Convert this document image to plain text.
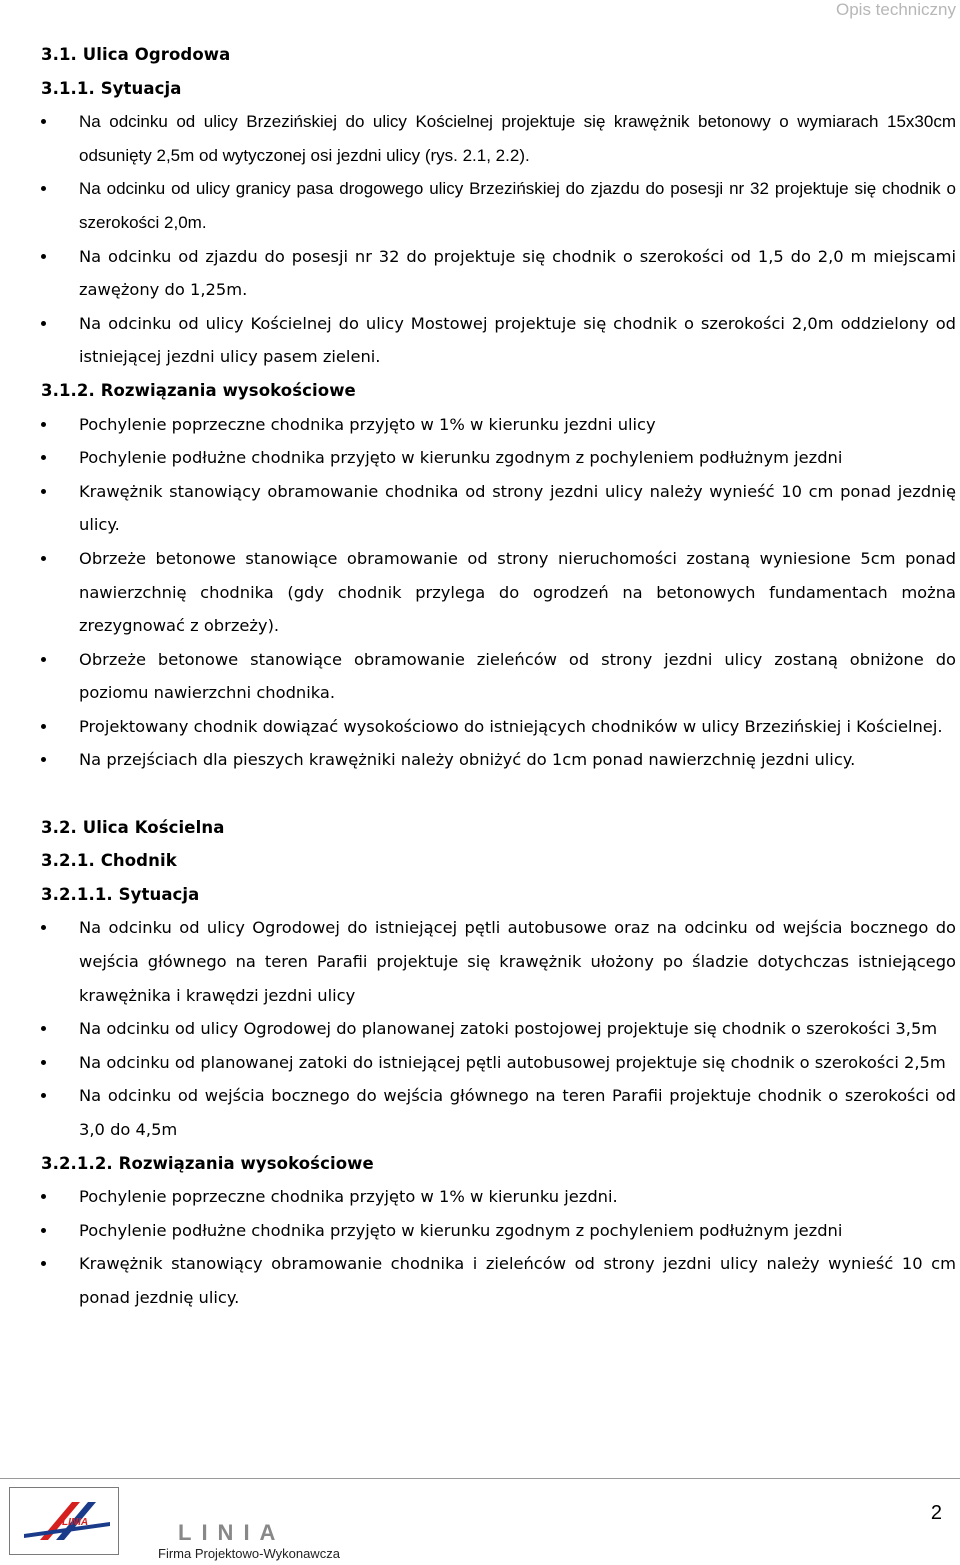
Opis techniczny
3.1. Ulica Ogrodowa
3.1.1. Sytuacja
Na odcinku od ulicy Brzezińskiej do ulicy Kościelnej projektuje się krawężnik betonowy o wymiarach 15x30cm odsunięty 2,5m od wytyczonej osi jezdni ulicy (rys. 2.1, 2.2).
Na odcinku od ulicy granicy pasa drogowego ulicy Brzezińskiej do zjazdu do posesji nr 32 projektuje się chodnik o szerokości 2,0m.
Na odcinku od zjazdu do posesji nr 32 do projektuje się chodnik o szerokości od 1,5 do 2,0 m miejscami zawężony do 1,25m.
Na odcinku od ulicy Kościelnej do ulicy Mostowej projektuje się chodnik o szerokości 2,0m oddzielony od istniejącej jezdni ulicy pasem zieleni.
3.1.2. Rozwiązania wysokościowe
Pochylenie poprzeczne chodnika przyjęto w 1% w kierunku jezdni ulicy
Pochylenie podłużne chodnika przyjęto w kierunku zgodnym z pochyleniem podłużnym jezdni
Krawężnik stanowiący obramowanie chodnika od strony jezdni ulicy należy wynieść 10 cm ponad jezdnię ulicy.
Obrzeże betonowe stanowiące obramowanie od strony nieruchomości zostaną wyniesione 5cm ponad nawierzchnię chodnika (gdy chodnik przylega do ogrodzeń na betonowych fundamentach można zrezygnować z obrzeży).
Obrzeże betonowe stanowiące obramowanie zieleńców od strony jezdni ulicy zostaną obniżone do poziomu nawierzchni chodnika.
Projektowany chodnik dowiązać wysokościowo do istniejących chodników w ulicy Brzezińskiej i Kościelnej.
Na przejściach dla pieszych krawężniki należy obniżyć do 1cm ponad nawierzchnię jezdni ulicy.
3.2. Ulica Kościelna
3.2.1. Chodnik
3.2.1.1. Sytuacja
Na odcinku od ulicy Ogrodowej do istniejącej pętli autobusowe oraz na odcinku od wejścia bocznego do wejścia głównego na teren Parafii projektuje się krawężnik ułożony po śladzie dotychczas istniejącego krawężnika i krawędzi jezdni ulicy
Na odcinku od ulicy Ogrodowej do planowanej zatoki postojowej projektuje się chodnik o szerokości 3,5m
Na odcinku od planowanej zatoki do istniejącej pętli autobusowej projektuje się chodnik o szerokości 2,5m
Na odcinku od wejścia bocznego do wejścia głównego na teren Parafii projektuje chodnik o szerokości od 3,0 do 4,5m
3.2.1.2. Rozwiązania wysokościowe
Pochylenie poprzeczne chodnika przyjęto w 1% w kierunku jezdni.
Pochylenie podłużne chodnika przyjęto w kierunku zgodnym z pochyleniem podłużnym jezdni
Krawężnik stanowiący obramowanie chodnika i zieleńców od strony jezdni ulicy należy wynieść 10 cm ponad jezdnię ulicy.
LINIA	LINIA
Firma Projektowo-Wykonawcza
2
